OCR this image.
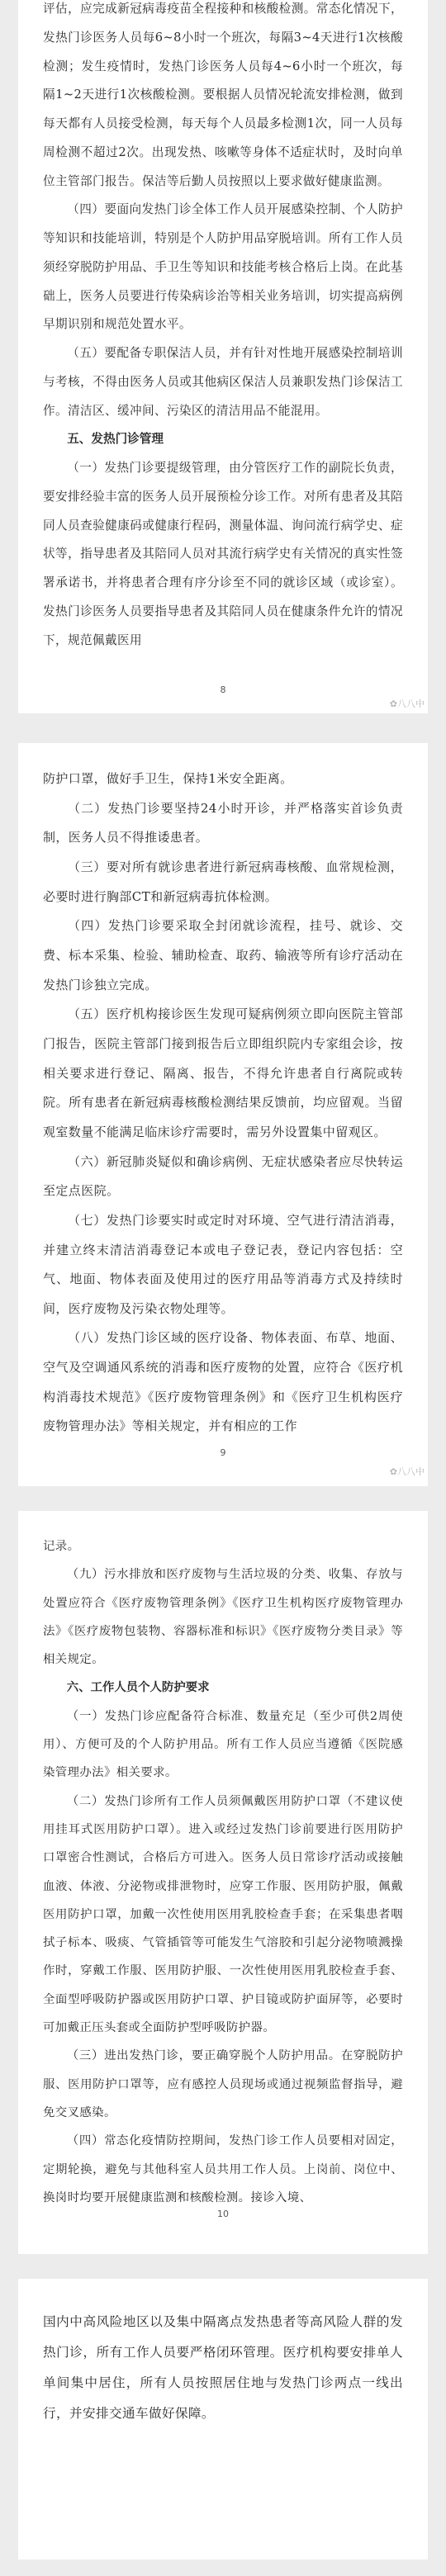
评估，应完成新冠病毒疫苗全程接种和核酸检测。常态化情况下，发热门诊医务人员每6~8小时一个班次，每隔3~4天进行1次核酸检测；发生疫情时，发热门诊医务人员每4~6小时一个班次，每隔1~2天进行1次核酸检测。要根据人员情况轮流安排检测，做到每天都有人员接受检测，每天每个人员最多检测1次，同一人员每周检测不超过2次。出现发热、咳嗽等身体不适症状时，及时向单位主管部门报告。保洁等后勤人员按照以上要求做好健康监测。

（四）要面向发热门诊全体工作人员开展感染控制、个人防护等知识和技能培训，特别是个人防护用品穿脱培训。所有工作人员须经穿脱防护用品、手卫生等知识和技能考核合格后上岗。在此基础上，医务人员要进行传染病诊治等相关业务培训，切实提高病例早期识别和规范处置水平。

（五）要配备专职保洁人员，并有针对性地开展感染控制培训与考核，不得由医务人员或其他病区保洁人员兼职发热门诊保洁工作。清洁区、缓冲间、污染区的清洁用品不能混用。

五、发热门诊管理

（一）发热门诊要提级管理，由分管医疗工作的副院长负责，要安排经验丰富的医务人员开展预检分诊工作。对所有患者及其陪同人员查验健康码或健康行程码，测量体温、询问流行病学史、症状等，指导患者及其陪同人员对其流行病学史有关情况的真实性签署承诺书，并将患者合理有序分诊至不同的就诊区域（或诊室）。发热门诊医务人员要指导患者及其陪同人员在健康条件允许的情况下，规范佩戴医用

8
✿八八中

防护口罩，做好手卫生，保持1米安全距离。

（二）发热门诊要坚持24小时开诊，并严格落实首诊负责制，医务人员不得推诿患者。

（三）要对所有就诊患者进行新冠病毒核酸、血常规检测，必要时进行胸部CT和新冠病毒抗体检测。

（四）发热门诊要采取全封闭就诊流程，挂号、就诊、交费、标本采集、检验、辅助检查、取药、输液等所有诊疗活动在发热门诊独立完成。

（五）医疗机构接诊医生发现可疑病例须立即向医院主管部门报告，医院主管部门接到报告后立即组织院内专家组会诊，按相关要求进行登记、隔离、报告，不得允许患者自行离院或转院。所有患者在新冠病毒核酸检测结果反馈前，均应留观。当留观室数量不能满足临床诊疗需要时，需另外设置集中留观区。

（六）新冠肺炎疑似和确诊病例、无症状感染者应尽快转运至定点医院。

（七）发热门诊要实时或定时对环境、空气进行清洁消毒，并建立终末清洁消毒登记本或电子登记表，登记内容包括：空气、地面、物体表面及使用过的医疗用品等消毒方式及持续时间，医疗废物及污染衣物处理等。

（八）发热门诊区域的医疗设备、物体表面、布草、地面、空气及空调通风系统的消毒和医疗废物的处置，应符合《医疗机构消毒技术规范》《医疗废物管理条例》和《医疗卫生机构医疗废物管理办法》等相关规定，并有相应的工作

9
✿八八中

记录。

（九）污水排放和医疗废物与生活垃圾的分类、收集、存放与处置应符合《医疗废物管理条例》《医疗卫生机构医疗废物管理办法》《医疗废物包装物、容器标准和标识》《医疗废物分类目录》等相关规定。

六、工作人员个人防护要求

（一）发热门诊应配备符合标准、数量充足（至少可供2周使用）、方便可及的个人防护用品。所有工作人员应当遵循《医院感染管理办法》相关要求。

（二）发热门诊所有工作人员须佩戴医用防护口罩（不建议使用挂耳式医用防护口罩）。进入或经过发热门诊前要进行医用防护口罩密合性测试，合格后方可进入。医务人员日常诊疗活动或接触血液、体液、分泌物或排泄物时，应穿工作服、医用防护服，佩戴医用防护口罩，加戴一次性使用医用乳胶检查手套；在采集患者咽拭子标本、吸痰、气管插管等可能发生气溶胶和引起分泌物喷溅操作时，穿戴工作服、医用防护服、一次性使用医用乳胶检查手套、全面型呼吸防护器或医用防护口罩、护目镜或防护面屏等，必要时可加戴正压头套或全面防护型呼吸防护器。

（三）进出发热门诊，要正确穿脱个人防护用品。在穿脱防护服、医用防护口罩等，应有感控人员现场或通过视频监督指导，避免交叉感染。

（四）常态化疫情防控期间，发热门诊工作人员要相对固定，定期轮换，避免与其他科室人员共用工作人员。上岗前、岗位中、换岗时均要开展健康监测和核酸检测。接诊入境、

10

国内中高风险地区以及集中隔离点发热患者等高风险人群的发热门诊，所有工作人员要严格闭环管理。医疗机构要安排单人单间集中居住，所有人员按照居住地与发热门诊两点一线出行，并安排交通车做好保障。
